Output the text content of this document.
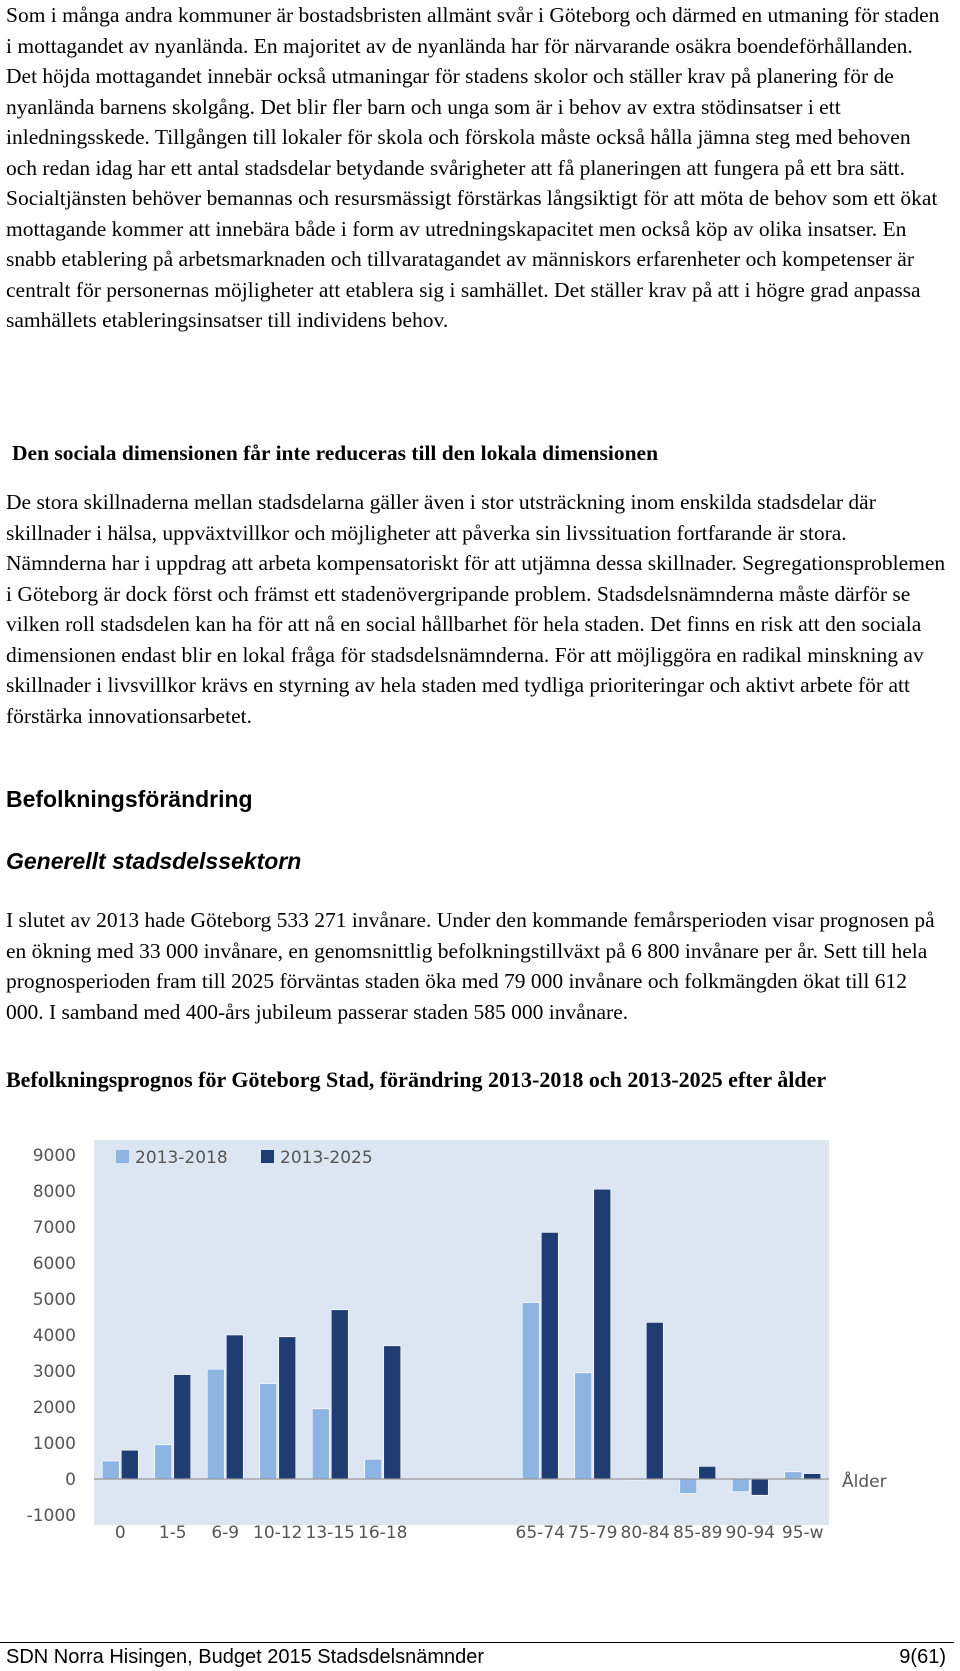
Som i många andra kommuner är bostadsbristen allmänt svår i Göteborg och därmed en utmaning för staden i mottagandet av nyanlända. En majoritet av de nyanlända har för närvarande osäkra boendeförhållanden. Det höjda mottagandet innebär också utmaningar för stadens skolor och ställer krav på planering för de nyanlända barnens skolgång. Det blir fler barn och unga som är i behov av extra stödinsatser i ett inledningsskede. Tillgången till lokaler för skola och förskola måste också hålla jämna steg med behoven och redan idag har ett antal stadsdelar betydande svårigheter att få planeringen att fungera på ett bra sätt. Socialtjänsten behöver bemannas och resursmässigt förstärkas långsiktigt för att möta de behov som ett ökat mottagande kommer att innebära både i form av utredningskapacitet men också köp av olika insatser. En snabb etablering på arbetsmarknaden och tillvaratagandet av människors erfarenheter och kompetenser är centralt för personernas möjligheter att etablera sig i samhället. Det ställer krav på att i högre grad anpassa samhällets etableringsinsatser till individens behov.

Den sociala dimensionen får inte reduceras till den lokala dimensionen

De stora skillnaderna mellan stadsdelarna gäller även i stor utsträckning inom enskilda stadsdelar där skillnader i hälsa, uppväxtvillkor och möjligheter att påverka sin livssituation fortfarande är stora. Nämnderna har i uppdrag att arbeta kompensatoriskt för att utjämna dessa skillnader. Segregationsproblemen i Göteborg är dock först och främst ett stadenövergripande problem. Stadsdelsnämnderna måste därför se vilken roll stadsdelen kan ha för att nå en social hållbarhet för hela staden. Det finns en risk att den sociala dimensionen endast blir en lokal fråga för stadsdelsnämnderna. För att möjliggöra en radikal minskning av skillnader i livsvillkor krävs en styrning av hela staden med tydliga prioriteringar och aktivt arbete för att förstärka innovationsarbetet.

Befolkningsförändring
Generellt stadsdelssektorn

I slutet av 2013 hade Göteborg 533 271 invånare. Under den kommande femårsperioden visar prognosen på en ökning med 33 000 invånare, en genomsnittlig befolkningstillväxt på 6 800 invånare per år. Sett till hela prognosperioden fram till 2025 förväntas staden öka med 79 000 invånare och folkmängden ökat till 612 000. I samband med 400-års jubileum passerar staden 585 000 invånare.

Befolkningsprognos för Göteborg Stad, förändring 2013-2018 och 2013-2025 efter ålder

9000
8000
7000
6000
5000
4000
3000
2000
1000
0
-1000
0 1-5 6-9 10-12 13-15 16-18	65-74 75-79 80-84 85-89 90-94 95-w
2013-2018	2013-2025
Ålder
SDN Norra Hisingen, Budget 2015 Stadsdelsnämnder	9(61)
